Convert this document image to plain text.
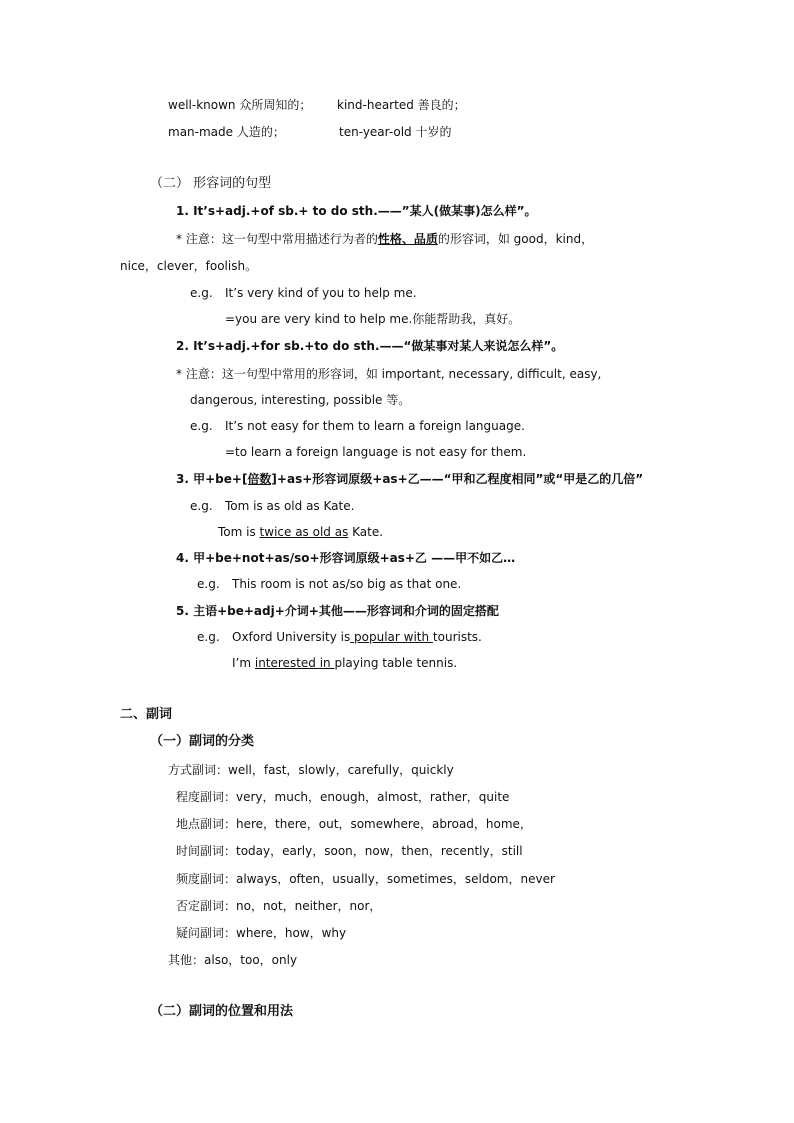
well-known 众所周知的； kind-hearted 善良的；
man-made 人造的；	ten-year-old 十岁的
（二） 形容词的句型
1. It’s+adj.+of sb.+ to do sth.——”某人(做某事)怎么样”。
* 注意：这一句型中常用描述行为者的性格、品质的形容词，如 good，kind，
nice，clever，foolish。
e.g. It’s very kind of you to help me.
=you are very kind to help me.你能帮助我，真好。
2. It’s+adj.+for sb.+to do sth.——“做某事对某人来说怎么样”。
* 注意：这一句型中常用的形容词，如 important, necessary, difficult, easy,
dangerous, interesting, possible 等。
e.g. It’s not easy for them to learn a foreign language.
=to learn a foreign language is not easy for them.
3. 甲+be+[倍数]+as+形容词原级+as+乙——“甲和乙程度相同”或“甲是乙的几倍”
e.g. Tom is as old as Kate.
Tom is twice as old as Kate.
4. 甲+be+not+as/so+形容词原级+as+乙 ——甲不如乙…
e.g. This room is not as/so big as that one.
5. 主语+be+adj+介词+其他——形容词和介词的固定搭配
e.g. Oxford University is popular with tourists.
I’m interested in playing table tennis.
二、副词
（一）副词的分类
方式副词：well，fast，slowly，carefully，quickly
程度副词：very，much，enough，almost，rather，quite
地点副词：here，there，out，somewhere，abroad，home，
时间副词：today，early，soon，now，then，recently，still
频度副词：always，often，usually，sometimes，seldom，never
否定副词：no，not，neither，nor，
疑问副词：where，how，why
其他：also，too，only
（二）副词的位置和用法
